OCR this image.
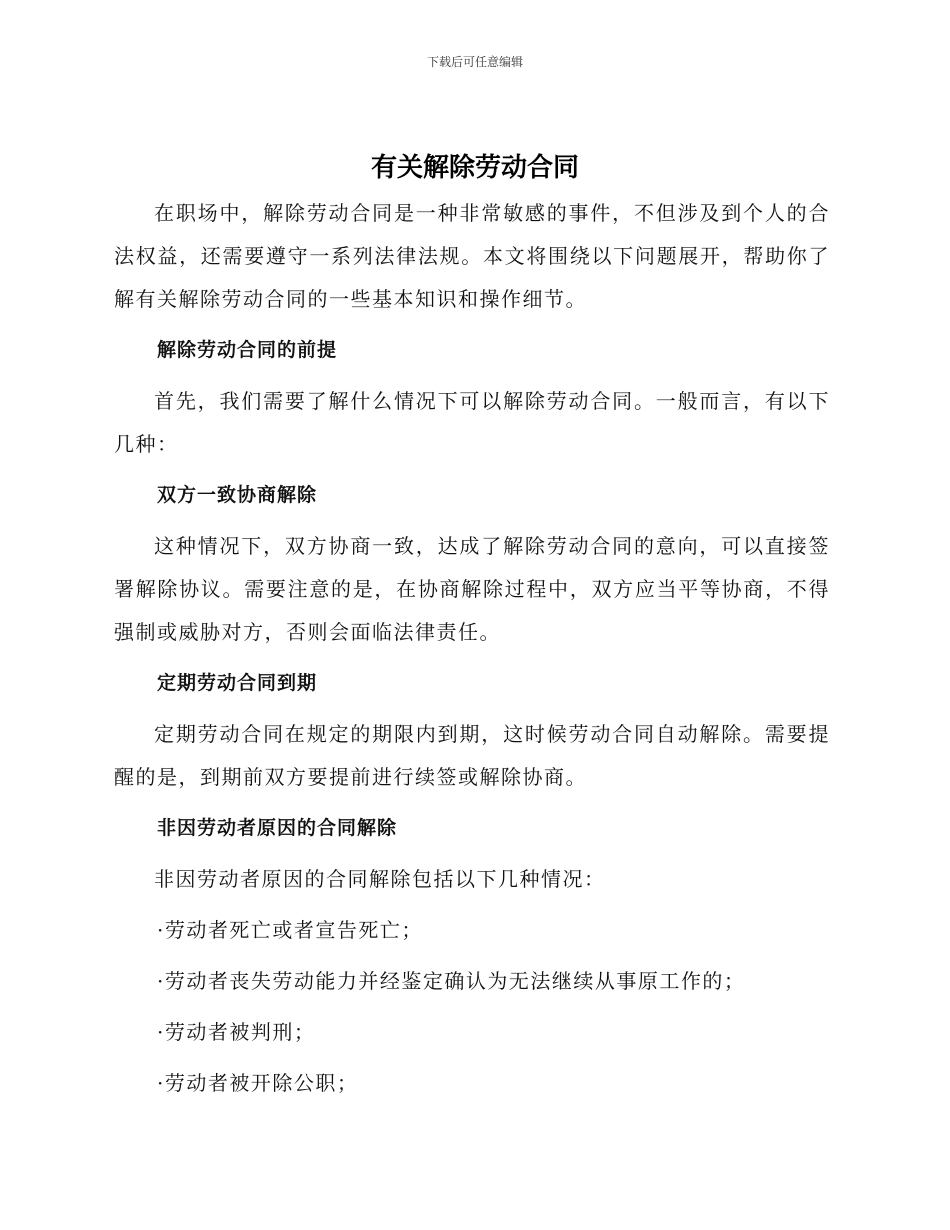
下载后可任意编辑
有关解除劳动合同

在职场中，解除劳动合同是一种非常敏感的事件，不但涉及到个人的合法权益，还需要遵守一系列法律法规。本文将围绕以下问题展开，帮助你了解有关解除劳动合同的一些基本知识和操作细节。

解除劳动合同的前提

首先，我们需要了解什么情况下可以解除劳动合同。一般而言，有以下几种：

双方一致协商解除

这种情况下，双方协商一致，达成了解除劳动合同的意向，可以直接签署解除协议。需要注意的是，在协商解除过程中，双方应当平等协商，不得强制或威胁对方，否则会面临法律责任。

定期劳动合同到期

定期劳动合同在规定的期限内到期，这时候劳动合同自动解除。需要提醒的是，到期前双方要提前进行续签或解除协商。

非因劳动者原因的合同解除

非因劳动者原因的合同解除包括以下几种情况：

·劳动者死亡或者宣告死亡；

·劳动者丧失劳动能力并经鉴定确认为无法继续从事原工作的；

·劳动者被判刑；

·劳动者被开除公职；
